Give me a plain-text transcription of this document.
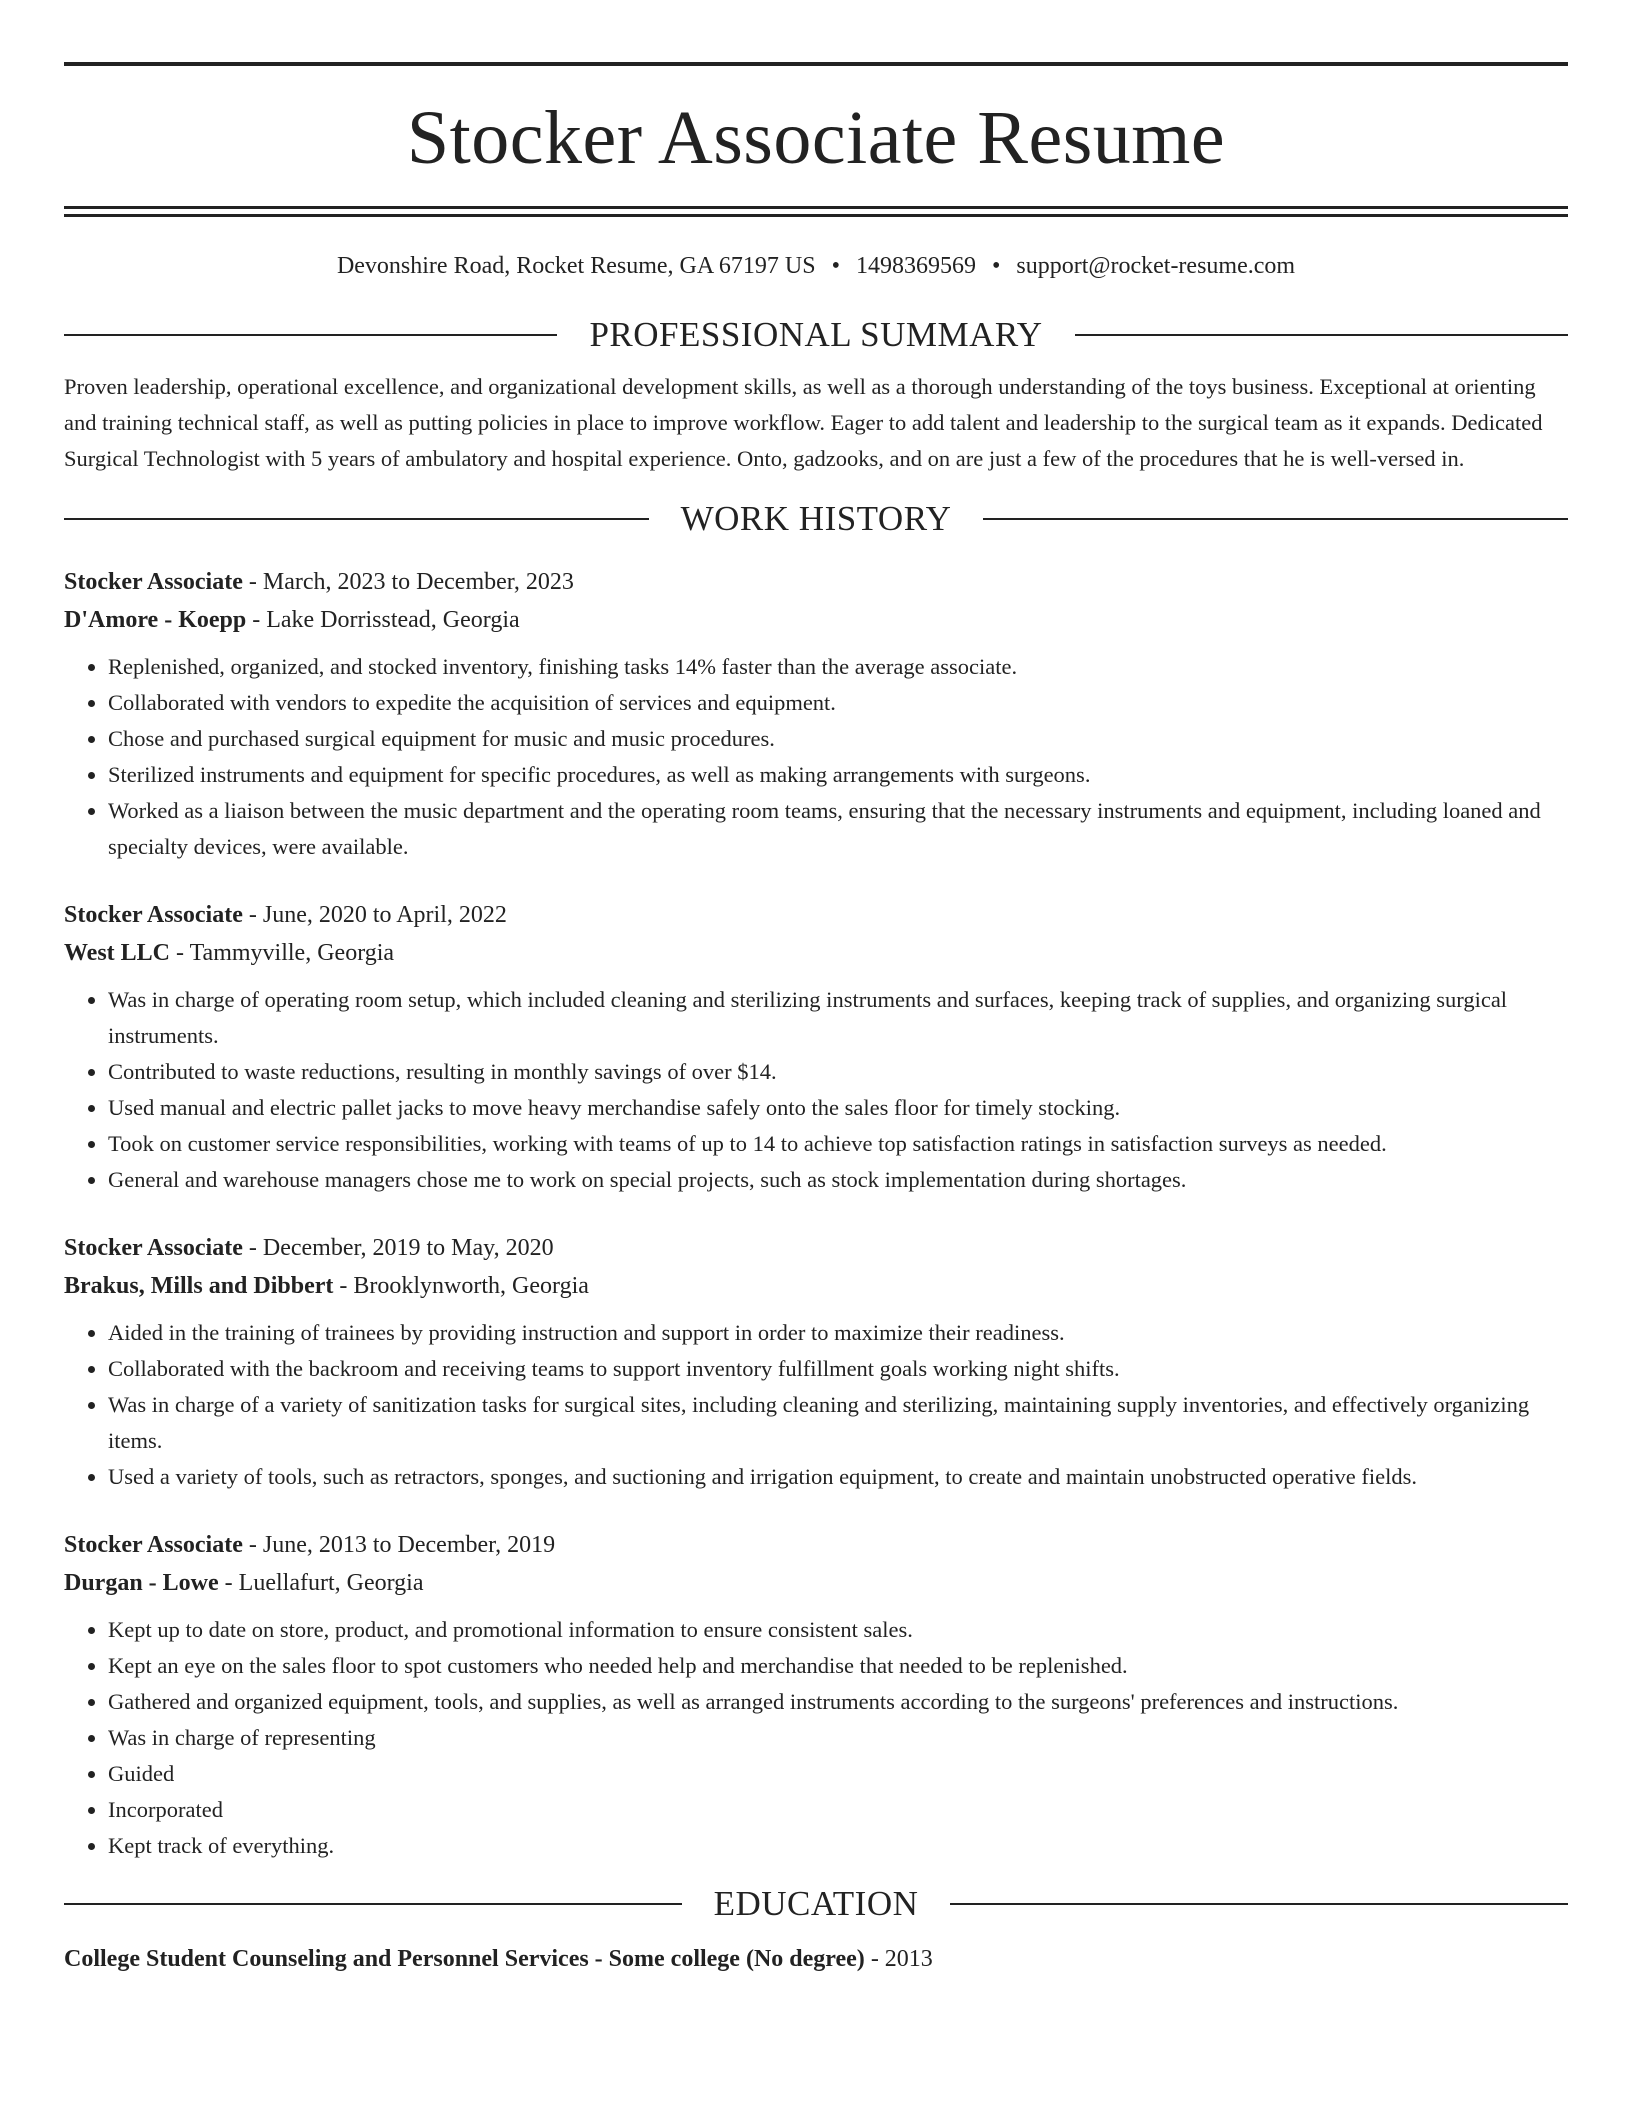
Stocker Associate Resume
Devonshire Road, Rocket Resume, GA 67197 US • 1498369569 • support@rocket-resume.com
PROFESSIONAL SUMMARY

Proven leadership, operational excellence, and organizational development skills, as well as a thorough understanding of the toys business. Exceptional at orienting and training technical staff, as well as putting policies in place to improve workflow. Eager to add talent and leadership to the surgical team as it expands. Dedicated Surgical Technologist with 5 years of ambulatory and hospital experience. Onto, gadzooks, and on are just a few of the procedures that he is well-versed in.

WORK HISTORY
Stocker Associate - March, 2023 to December, 2023
D'Amore - Koepp - Lake Dorrisstead, Georgia
• Replenished, organized, and stocked inventory, finishing tasks 14% faster than the average associate.
• Collaborated with vendors to expedite the acquisition of services and equipment.
• Chose and purchased surgical equipment for music and music procedures.
• Sterilized instruments and equipment for specific procedures, as well as making arrangements with surgeons.
• Worked as a liaison between the music department and the operating room teams, ensuring that the necessary instruments and equipment, including loaned and specialty devices, were available.
Stocker Associate - June, 2020 to April, 2022
West LLC - Tammyville, Georgia
• Was in charge of operating room setup, which included cleaning and sterilizing instruments and surfaces, keeping track of supplies, and organizing surgical instruments.
• Contributed to waste reductions, resulting in monthly savings of over $14.
• Used manual and electric pallet jacks to move heavy merchandise safely onto the sales floor for timely stocking.
• Took on customer service responsibilities, working with teams of up to 14 to achieve top satisfaction ratings in satisfaction surveys as needed.
• General and warehouse managers chose me to work on special projects, such as stock implementation during shortages.
Stocker Associate - December, 2019 to May, 2020
Brakus, Mills and Dibbert - Brooklynworth, Georgia
• Aided in the training of trainees by providing instruction and support in order to maximize their readiness.
• Collaborated with the backroom and receiving teams to support inventory fulfillment goals working night shifts.
• Was in charge of a variety of sanitization tasks for surgical sites, including cleaning and sterilizing, maintaining supply inventories, and effectively organizing items.
• Used a variety of tools, such as retractors, sponges, and suctioning and irrigation equipment, to create and maintain unobstructed operative fields.
Stocker Associate - June, 2013 to December, 2019
Durgan - Lowe - Luellafurt, Georgia
• Kept up to date on store, product, and promotional information to ensure consistent sales.
• Kept an eye on the sales floor to spot customers who needed help and merchandise that needed to be replenished.
• Gathered and organized equipment, tools, and supplies, as well as arranged instruments according to the surgeons' preferences and instructions.
• Was in charge of representing
• Guided
• Incorporated
• Kept track of everything.
EDUCATION
College Student Counseling and Personnel Services - Some college (No degree) - 2013
